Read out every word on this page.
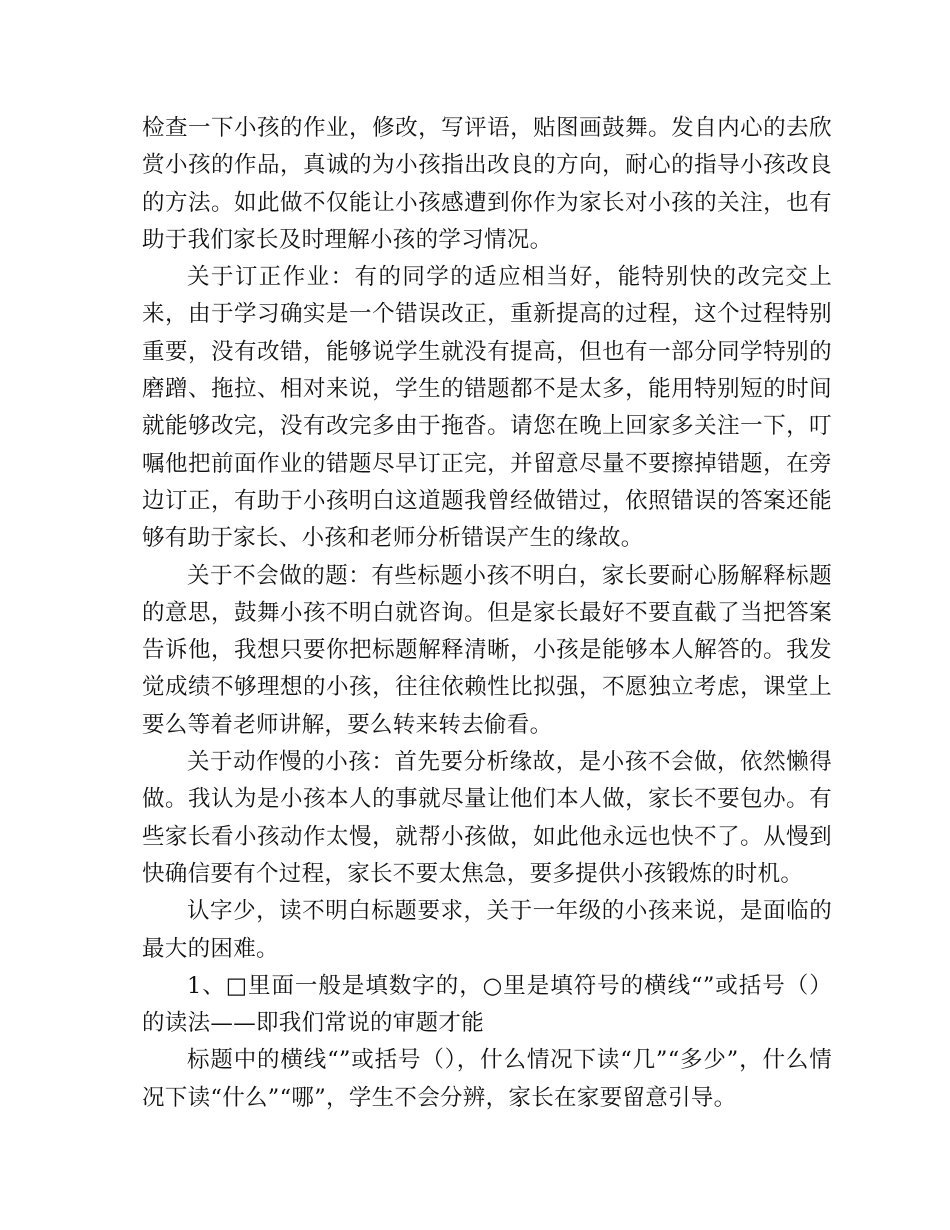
检查一下小孩的作业，修改，写评语，贴图画鼓舞。发自内心的去欣赏小孩的作品，真诚的为小孩指出改良的方向，耐心的指导小孩改良的方法。如此做不仅能让小孩感遭到你作为家长对小孩的关注，也有助于我们家长及时理解小孩的学习情况。

关于订正作业：有的同学的适应相当好，能特别快的改完交上来，由于学习确实是一个错误改正，重新提高的过程，这个过程特别重要，没有改错，能够说学生就没有提高，但也有一部分同学特别的磨蹭、拖拉、相对来说，学生的错题都不是太多，能用特别短的时间就能够改完，没有改完多由于拖沓。请您在晚上回家多关注一下，叮嘱他把前面作业的错题尽早订正完，并留意尽量不要擦掉错题，在旁边订正，有助于小孩明白这道题我曾经做错过，依照错误的答案还能够有助于家长、小孩和老师分析错误产生的缘故。

关于不会做的题：有些标题小孩不明白，家长要耐心肠解释标题的意思，鼓舞小孩不明白就咨询。但是家长最好不要直截了当把答案告诉他，我想只要你把标题解释清晰，小孩是能够本人解答的。我发觉成绩不够理想的小孩，往往依赖性比拟强，不愿独立考虑，课堂上要么等着老师讲解，要么转来转去偷看。

关于动作慢的小孩：首先要分析缘故，是小孩不会做，依然懒得做。我认为是小孩本人的事就尽量让他们本人做，家长不要包办。有些家长看小孩动作太慢，就帮小孩做，如此他永远也快不了。从慢到快确信要有个过程，家长不要太焦急，要多提供小孩锻炼的时机。

认字少，读不明白标题要求，关于一年级的小孩来说，是面临的最大的困难。

1、□里面一般是填数字的，○里是填符号的横线“”或括号（）的读法——即我们常说的审题才能

标题中的横线“”或括号（），什么情况下读“几”“多少”，什么情况下读“什么”“哪”，学生不会分辨，家长在家要留意引导。
